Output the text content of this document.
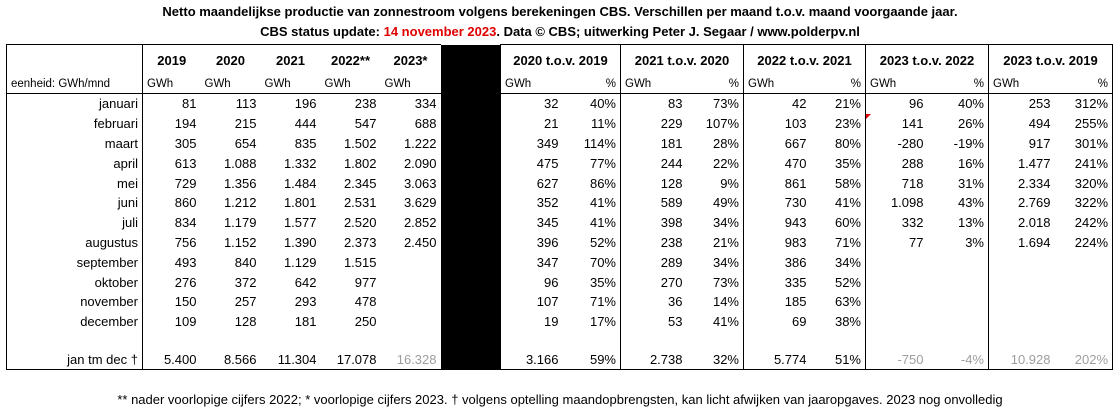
Netto maandelijkse productie van zonnestroom volgens berekeningen CBS. Verschillen per maand t.o.v. maand voorgaande jaar.
CBS status update: 14 november 2023. Data © CBS; uitwerking Peter J. Segaar / www.polderpv.nl
	2019	2020	2021	2022**	2023*		2020 t.o.v. 2019		2021 t.o.v. 2020		2022 t.o.v. 2021		2023 t.o.v. 2022		2023 t.o.v. 2019	
eenheid: GWh/mnd	GWh	GWh	GWh	GWh	GWh		GWh	%	GWh	%	GWh	%	GWh	%	GWh	%
januari	81	113	196	238	334		32	40%	83	73%	42	21%	96	40%	253	312%
februari	194	215	444	547	688		21	11%	229	107%	103	23%	141	26%	494	255%
maart	305	654	835	1.502	1.222		349	114%	181	28%	667	80%	-280	-19%	917	301%
april	613	1.088	1.332	1.802	2.090		475	77%	244	22%	470	35%	288	16%	1.477	241%
mei	729	1.356	1.484	2.345	3.063		627	86%	128	9%	861	58%	718	31%	2.334	320%
juni	860	1.212	1.801	2.531	3.629		352	41%	589	49%	730	41%	1.098	43%	2.769	322%
juli	834	1.179	1.577	2.520	2.852		345	41%	398	34%	943	60%	332	13%	2.018	242%
augustus	756	1.152	1.390	2.373	2.450		396	52%	238	21%	983	71%	77	3%	1.694	224%
september	493	840	1.129	1.515			347	70%	289	34%	386	34%				
oktober	276	372	642	977			96	35%	270	73%	335	52%				
november	150	257	293	478			107	71%	36	14%	185	63%				
december	109	128	181	250			19	17%	53	41%	69	38%				

jan tm dec †	5.400	8.566	11.304	17.078	16.328		3.166	59%	2.738	32%	5.774	51%	-750	-4%	10.928	202%
** nader voorlopige cijfers 2022; * voorlopige cijfers 2023. † volgens optelling maandopbrengsten, kan licht afwijken van jaaropgaves. 2023 nog onvolledig
